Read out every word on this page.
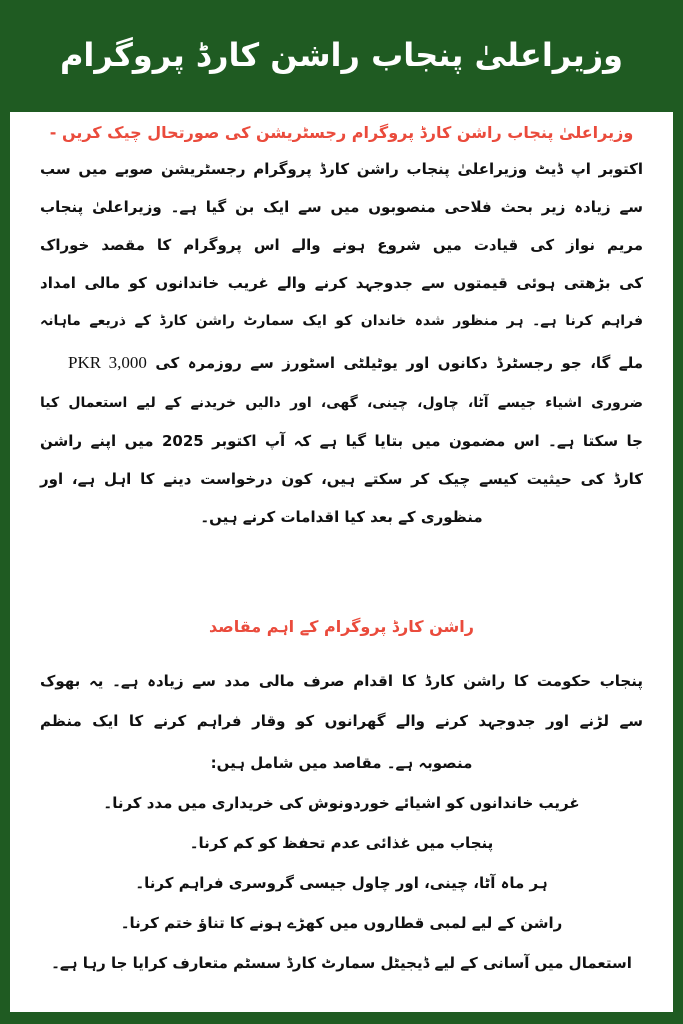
وزیراعلیٰ پنجاب راشن کارڈ پروگرام
وزیراعلیٰ پنجاب راشن کارڈ پروگرام رجسٹریشن کی صورتحال چیک کریں -
اکتوبر اپ ڈیٹ وزیراعلیٰ پنجاب راشن کارڈ پروگرام رجسٹریشن صوبے میں سب
سے زیادہ زیر بحث فلاحی منصوبوں میں سے ایک بن گیا ہے۔ وزیراعلیٰ پنجاب
مریم نواز کی قیادت میں شروع ہونے والے اس پروگرام کا مقصد خوراک
کی بڑھتی ہوئی قیمتوں سے جدوجہد کرنے والے غریب خاندانوں کو مالی امداد
فراہم کرنا ہے۔ ہر منظور شدہ خاندان کو ایک سمارٹ راشن کارڈ کے ذریعے ماہانہ
ملے گا، جو رجسٹرڈ دکانوں اور یوٹیلٹی اسٹورز سے روزمرہ کی PKR 3,000
ضروری اشیاء جیسے آٹا، چاول، چینی، گھی، اور دالیں خریدنے کے لیے استعمال کیا
جا سکتا ہے۔ اس مضمون میں بتایا گیا ہے کہ آپ اکتوبر 2025 میں اپنے راشن
کارڈ کی حیثیت کیسے چیک کر سکتے ہیں، کون درخواست دینے کا اہل ہے، اور
منظوری کے بعد کیا اقدامات کرنے ہیں۔
راشن کارڈ پروگرام کے اہم مقاصد
پنجاب حکومت کا راشن کارڈ کا اقدام صرف مالی مدد سے زیادہ ہے۔ یہ بھوک
سے لڑنے اور جدوجہد کرنے والے گھرانوں کو وقار فراہم کرنے کا ایک منظم
منصوبہ ہے۔ مقاصد میں شامل ہیں:
غریب خاندانوں کو اشیائے خوردونوش کی خریداری میں مدد کرنا۔
پنجاب میں غذائی عدم تحفظ کو کم کرنا۔
ہر ماہ آٹا، چینی، اور چاول جیسی گروسری فراہم کرنا۔
راشن کے لیے لمبی قطاروں میں کھڑے ہونے کا تناؤ ختم کرنا۔
استعمال میں آسانی کے لیے ڈیجیٹل سمارٹ کارڈ سسٹم متعارف کرایا جا رہا ہے۔
